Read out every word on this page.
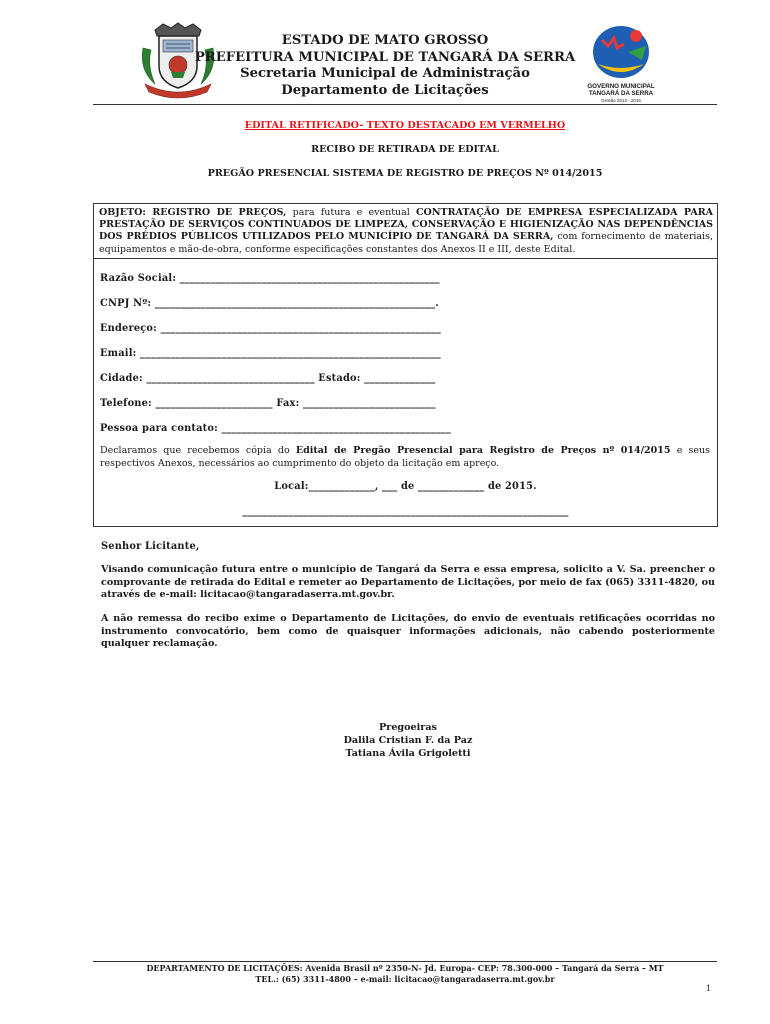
ESTADO DE MATO GROSSO
PREFEITURA MUNICIPAL DE TANGARÁ DA SERRA
Secretaria Municipal de Administração
Departamento de Licitações	GOVERNO MUNICIPAL
TANGARÁ DA SERRA
Gestão 2013 - 2016
EDITAL RETIFICADO- TEXTO DESTACADO EM VERMELHO
RECIBO DE RETIRADA DE EDITAL
PREGÃO PRESENCIAL SISTEMA DE REGISTRO DE PREÇOS Nº 014/2015
OBJETO: REGISTRO DE PREÇOS, para futura e eventual CONTRATAÇÃO DE EMPRESA ESPECIALIZADA PARA PRESTAÇÃO DE SERVIÇOS CONTINUADOS DE LIMPEZA, CONSERVAÇÃO E HIGIENIZAÇÃO NAS DEPENDÊNCIAS DOS PRÉDIOS PÚBLICOS UTILIZADOS PELO MUNICÍPIO DE TANGARÁ DA SERRA, com fornecimento de materiais, equipamentos e mão-de-obra, conforme especificações constantes dos Anexos II e III, deste Edital.
Razão Social: ___________________________________________________
CNPJ Nº: _______________________________________________________.
Endereço: _______________________________________________________
Email: ___________________________________________________________
Cidade: _________________________________ Estado: ______________
Telefone: _______________________ Fax: __________________________
Pessoa para contato: _____________________________________________
Declaramos que recebemos cópia do Edital de Pregão Presencial para Registro de Preços nº 014/2015 e seus respectivos Anexos, necessários ao cumprimento do objeto da licitação em apreço.
Local:_____________, ___ de _____________ de 2015.
________________________________________________________________
Senhor Licitante,
Visando comunicação futura entre o município de Tangará da Serra e essa empresa, solicito a V. Sa. preencher o comprovante de retirada do Edital e remeter ao Departamento de Licitações, por meio de fax (065) 3311-4820, ou através de e-mail: licitacao@tangaradaserra.mt.gov.br.
A não remessa do recibo exime o Departamento de Licitações, do envio de eventuais retificações ocorridas no instrumento convocatório, bem como de quaisquer informações adicionais, não cabendo posteriormente qualquer reclamação.
Pregoeiras
Dalila Cristian F. da Paz
Tatiana Ávila Grigoletti
DEPARTAMENTO DE LICITAÇÕES: Avenida Brasil nº 2350-N- Jd. Europa- CEP: 78.300-000 – Tangará da Serra – MT
TEL.: (65) 3311-4800 – e-mail: licitacao@tangaradaserra.mt.gov.br
1
